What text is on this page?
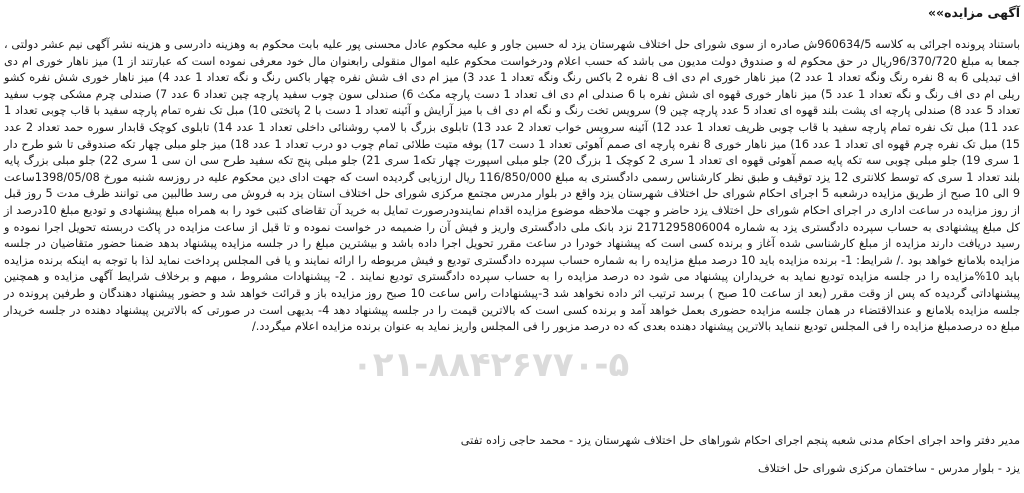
آگهی مزایده»»
۰۲۱-۸۸۴۲۶۷۷۰-۵

باستناد پرونده اجرائی به کلاسه 960634/5ش صادره از سوی شورای حل اختلاف شهرستان یزد له حسین جاور و علیه محکوم عادل محسنی پور علیه بابت محکوم به وهزینه دادرسی و هزینه نشر آگهی نیم عشر دولتی ، جمعا به مبلغ 96/370/720ریال در حق محکوم له و صندوق دولت مدیون می باشد که حسب اعلام ودرخواست محکوم علیه اموال منقولی رابعنوان مال خود معرفی نموده است که عبارتند از 1) میز ناهار خوری ام دی اف تبدیلی 6 به 8 نفره رنگ ونگه تعداد 1 عدد 2) میز ناهار خوری ام دی اف 8 نفره 2 باکس رنگ ونگه تعداد 1 عدد 3) میز ام دی اف شش نفره چهار باکس رنگ و نگه تعداد 1 عدد 4) میز ناهار خوری شش نفره کشو ریلی ام دی اف رنگ و نگه تعداد 1 عدد 5) میز ناهار خوری قهوه ای شش نفره با 6 صندلی ام دی اف تعداد 1 دست پارچه مکث 6) صندلی سون چوب سفید پارچه چین تعداد 6 عدد 7) صندلی چرم مشکی چوب سفید تعداد 5 عدد 8) صندلی پارچه ای پشت بلند قهوه ای تعداد 5 عدد پارچه چین 9) سرویس تخت رنگ و نگه ام دی اف با میز آرایش و آئینه تعداد 1 دست با 2 پاتختی 10) مبل تک نفره تمام پارچه سفید با قاب چوبی تعداد 1 عدد 11) مبل تک نفره تمام پارچه سفید با قاب چوبی ظریف تعداد 1 عدد 12) آئینه سرویس خواب تعداد 2 عدد 13) تابلوی بزرگ با لامپ روشنائی داخلی تعداد 1 عدد 14) تابلوی کوچک قابدار سوره حمد تعداد 2 عدد 15) مبل تک نفره چرم قهوه ای تعداد 1 عدد 16) میز ناهار خوری 8 نفره پارچه ای صمم آهوئی تعداد 1 دست 17) بوفه متیت طلائی تمام چوب دو درب تعداد 1 عدد 18) میز جلو مبلی چهار تکه صندوقی تا شو طرح دار 1 سری 19) جلو مبلی چوبی سه تکه پایه صمم آهوئی قهوه ای تعداد 1 سری 2 کوچک 1 بزرگ 20) جلو مبلی اسپورت چهار تکه1 سری 21) جلو مبلی پنج تکه سفید طرح سی ان سی 1 سری 22) جلو مبلی بزرگ پایه بلند تعداد 1 سری که توسط کلانتری 12 یزد توقیف و طبق نظر کارشناس رسمی دادگستری به مبلغ 116/850/000 ریال ارزیابی گردیده است که جهت ادای دین محکوم علیه در روزسه شنبه مورخ 1398/05/08ساعت 9 الی 10 صبح از طریق مزایده درشعبه 5 اجرای احکام شورای حل اختلاف شهرستان یزد واقع در بلوار مدرس مجتمع مرکزی شورای حل اختلاف استان یزد به فروش می رسد طالبین می توانند ظرف مدت 5 روز قبل از روز مزایده در ساعت اداری در اجرای احکام شورای حل اختلاف یزد حاضر و جهت ملاحظه موضوع مزایده اقدام نمایندودرصورت تمایل به خرید آن تقاضای کتبی خود را به همراه مبلغ پیشنهادی و تودیع مبلغ 10درصد از کل مبلغ پیشنهادی به حساب سپرده دادگستری یزد به شماره 2171295806004 نزد بانک ملی دادگستری واریز و فیش آن را ضمیمه در خواست نموده و تا قبل از ساعت مزایده در پاکت دربسته تحویل اجرا نموده و رسید دریافت دارند مزایده از مبلغ کارشناسی شده آغاز و برنده کسی است که پیشنهاد خودرا در ساعت مقرر تحویل اجرا داده باشد و بیشترین مبلغ را در جلسه مزایده پیشنهاد بدهد ضمنا حضور متقاضیان در جلسه مزایده بلامانع خواهد بود ./ شرایط: 1- برنده مزایده باید 10 درصد مبلغ مزایده را به شماره حساب سپرده دادگستری تودیع و فیش مربوطه را ارائه نمایند و یا فی المجلس پرداخت نماید لذا با توجه به اینکه برنده مزایده باید 10%مزایده را در جلسه مزایده تودیع نماید به خریداران پیشنهاد می شود ده درصد مزایده را به حساب سپرده دادگستری تودیع نمایند . 2- پیشنهادات مشروط ، مبهم و برخلاف شرایط آگهی مزایده و همچنین پیشنهاداتی گردیده که پس از وقت مقرر (بعد از ساعت 10 صبح ) برسد ترتیب اثر داده نخواهد شد 3-پیشنهادات راس ساعت 10 صبح روز مزایده باز و قرائت خواهد شد و حضور پیشنهاد دهندگان و طرفین پرونده در جلسه مزایده بلامانع و عندالاقتضاء در همان جلسه مزایده حضوری بعمل خواهد آمد و برنده کسی است که بالاترین قیمت را در جلسه پیشنهاد دهد 4- بدیهی است در صورتی که بالاترین پیشنهاد دهنده در جلسه خریدار مبلغ ده درصدمبلغ مزایده را فی المجلس تودیع ننماید بالاترین پیشنهاد دهنده بعدی که ده درصد مزبور را فی المجلس واریز نماید به عنوان برنده مزایده اعلام میگردد./

مدیر دفتر واحد اجرای احکام مدنی شعبه پنجم اجرای احکام شوراهای حل اختلاف شهرستان یزد - محمد حاجی زاده تفتی

یزد - بلوار مدرس - ساختمان مرکزی شورای حل اختلاف
